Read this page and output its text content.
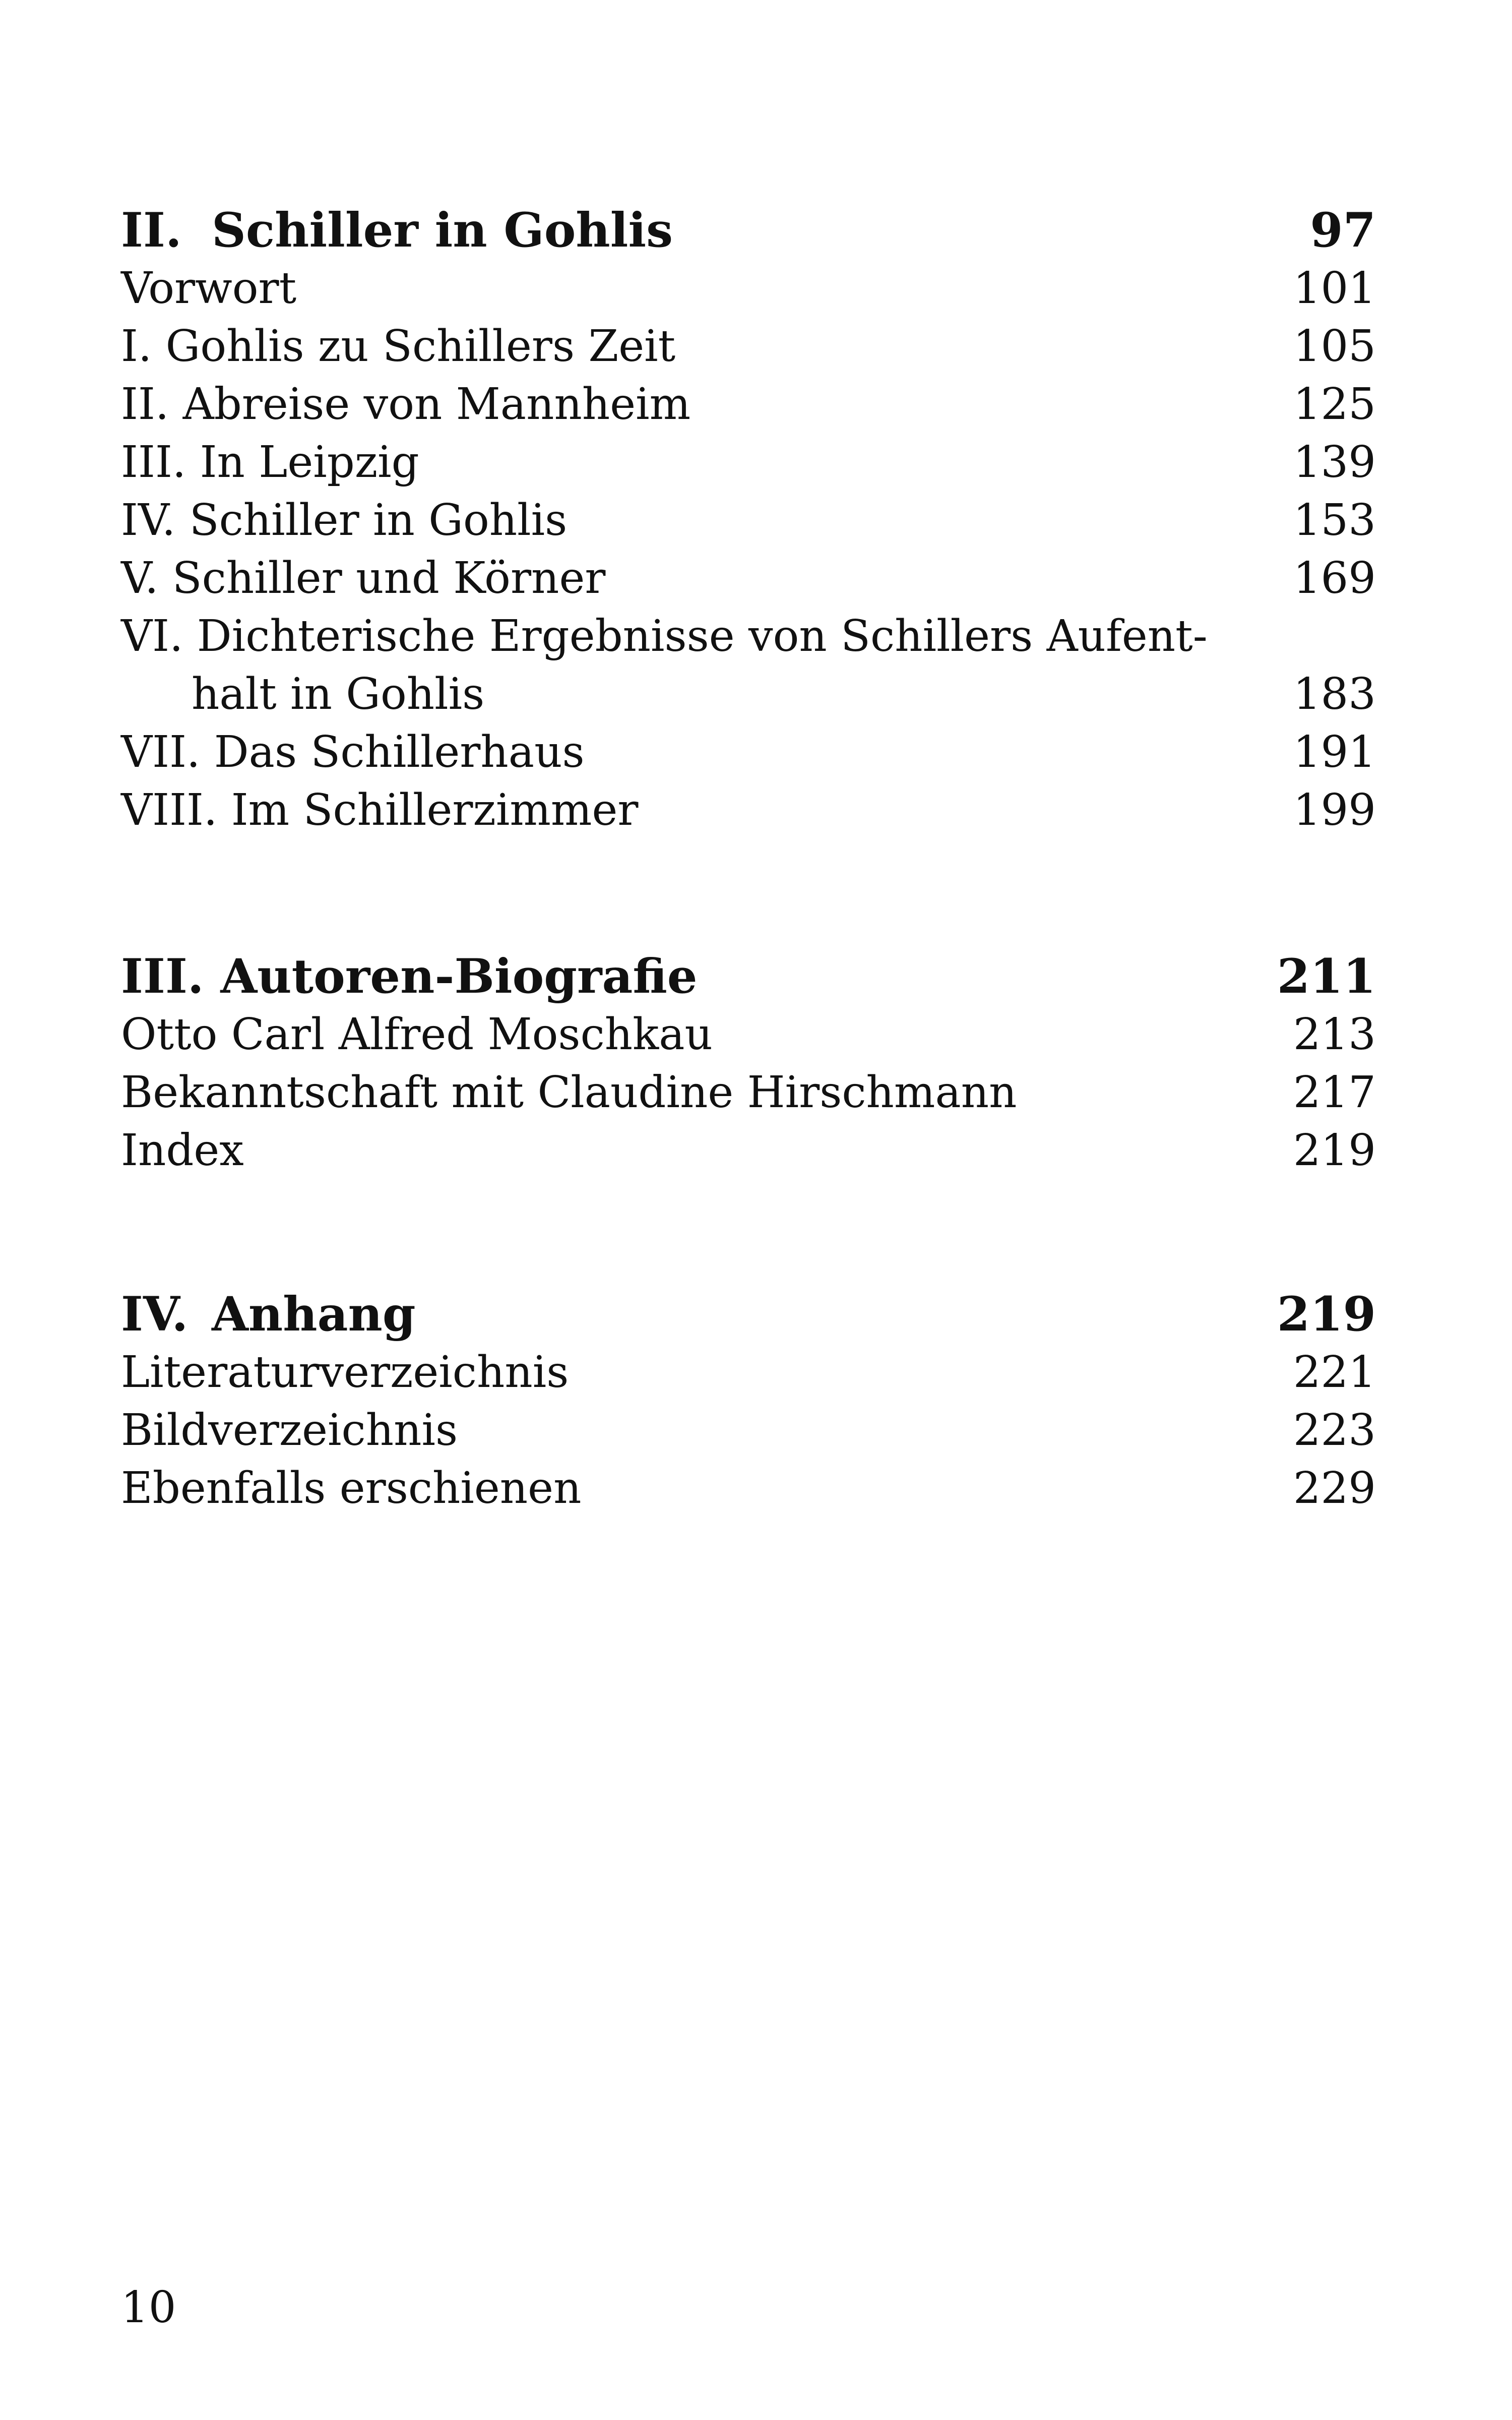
II. Schiller in Gohlis	97
Vorwort	101
I. Gohlis zu Schillers Zeit	105
II. Abreise von Mannheim	125
III. In Leipzig	139
IV. Schiller in Gohlis	153
V. Schiller und Körner	169
VI. Dichterische Ergebnisse von Schillers Aufent-
halt in Gohlis	183
VII. Das Schillerhaus	191
VIII. Im Schillerzimmer	199
III. Autoren-Biografie	211
Otto Carl Alfred Moschkau	213
Bekanntschaft mit Claudine Hirschmann	217
Index	219
IV. Anhang	219
Literaturverzeichnis	221
Bildverzeichnis	223
Ebenfalls erschienen	229
10
